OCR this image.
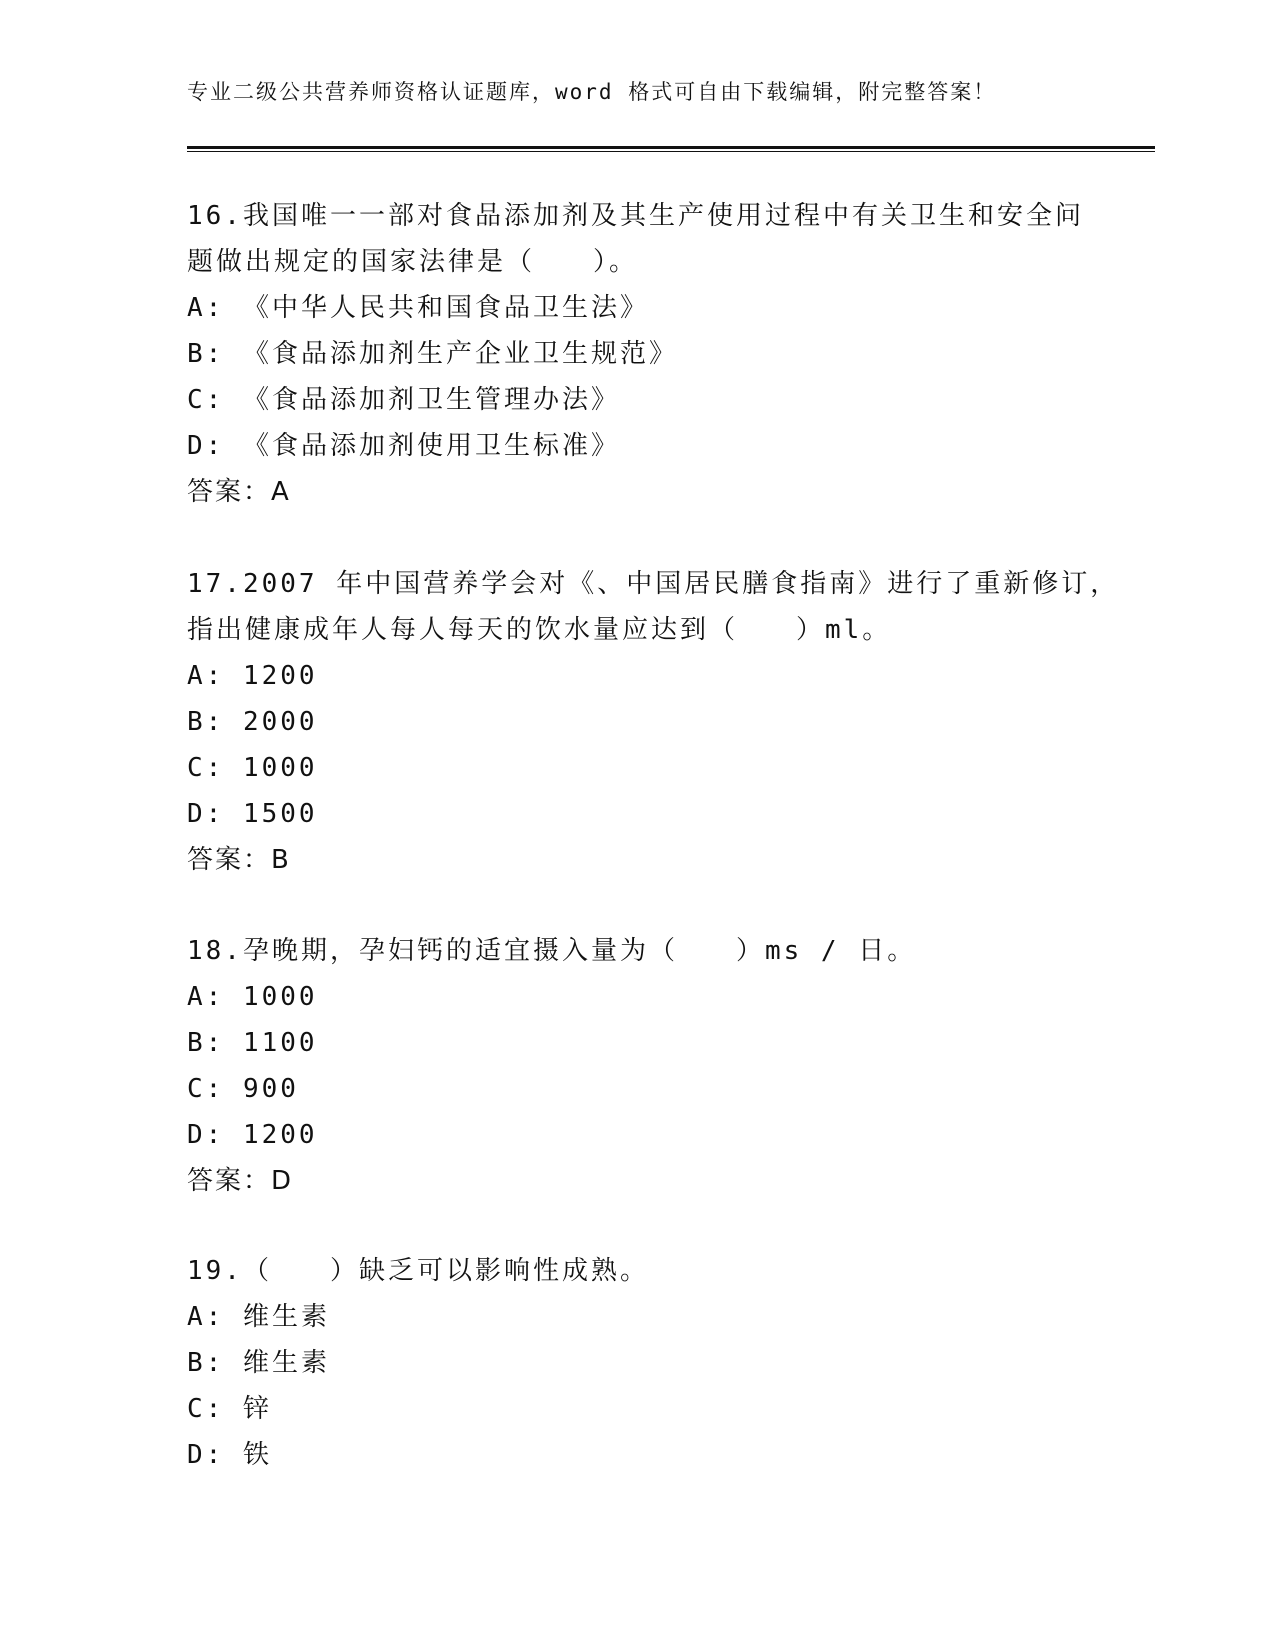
专业二级公共营养师资格认证题库，word 格式可自由下载编辑，附完整答案！
16.我国唯一一部对食品添加剂及其生产使用过程中有关卫生和安全问
题做出规定的国家法律是（　　）。
A: 《中华人民共和国食品卫生法》
B: 《食品添加剂生产企业卫生规范》
C: 《食品添加剂卫生管理办法》
D: 《食品添加剂使用卫生标准》
答案：A
17.2007 年中国营养学会对《、中国居民膳食指南》进行了重新修订，
指出健康成年人每人每天的饮水量应达到（　　）ml。
A: 1200
B: 2000
C: 1000
D: 1500
答案：B
18.孕晚期，孕妇钙的适宜摄入量为（　　）ms / 日。
A: 1000
B: 1100
C: 900
D: 1200
答案：D
19.（　　）缺乏可以影响性成熟。
A: 维生素
B: 维生素
C: 锌
D: 铁
